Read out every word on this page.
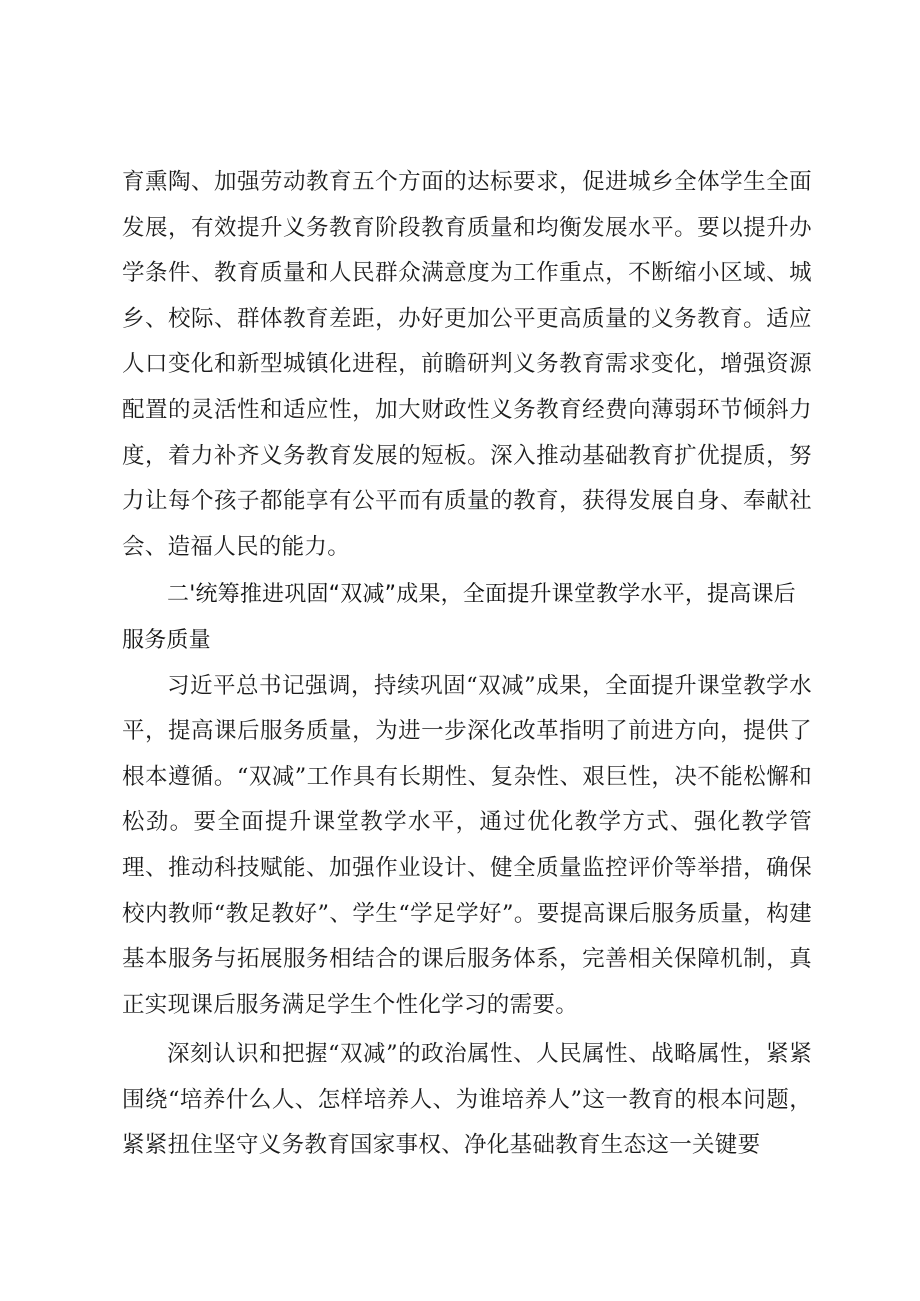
育熏陶、加强劳动教育五个方面的达标要求，促进城乡全体学生全面发展，有效提升义务教育阶段教育质量和均衡发展水平。要以提升办学条件、教育质量和人民群众满意度为工作重点，不断缩小区域、城乡、校际、群体教育差距，办好更加公平更高质量的义务教育。适应人口变化和新型城镇化进程，前瞻研判义务教育需求变化，增强资源配置的灵活性和适应性，加大财政性义务教育经费向薄弱环节倾斜力度，着力补齐义务教育发展的短板。深入推动基础教育扩优提质，努力让每个孩子都能享有公平而有质量的教育，获得发展自身、奉献社会、造福人民的能力。

二'统筹推进巩固“双减”成果，全面提升课堂教学水平，提高课后服务质量

习近平总书记强调，持续巩固“双减”成果，全面提升课堂教学水平，提高课后服务质量，为进一步深化改革指明了前进方向，提供了根本遵循。“双减”工作具有长期性、复杂性、艰巨性，决不能松懈和松劲。要全面提升课堂教学水平，通过优化教学方式、强化教学管理、推动科技赋能、加强作业设计、健全质量监控评价等举措，确保校内教师“教足教好”、学生“学足学好”。要提高课后服务质量，构建基本服务与拓展服务相结合的课后服务体系，完善相关保障机制，真正实现课后服务满足学生个性化学习的需要。

深刻认识和把握“双减”的政治属性、人民属性、战略属性，紧紧围绕“培养什么人、怎样培养人、为谁培养人”这一教育的根本问题，紧紧扭住坚守义务教育国家事权、净化基础教育生态这一关键要
